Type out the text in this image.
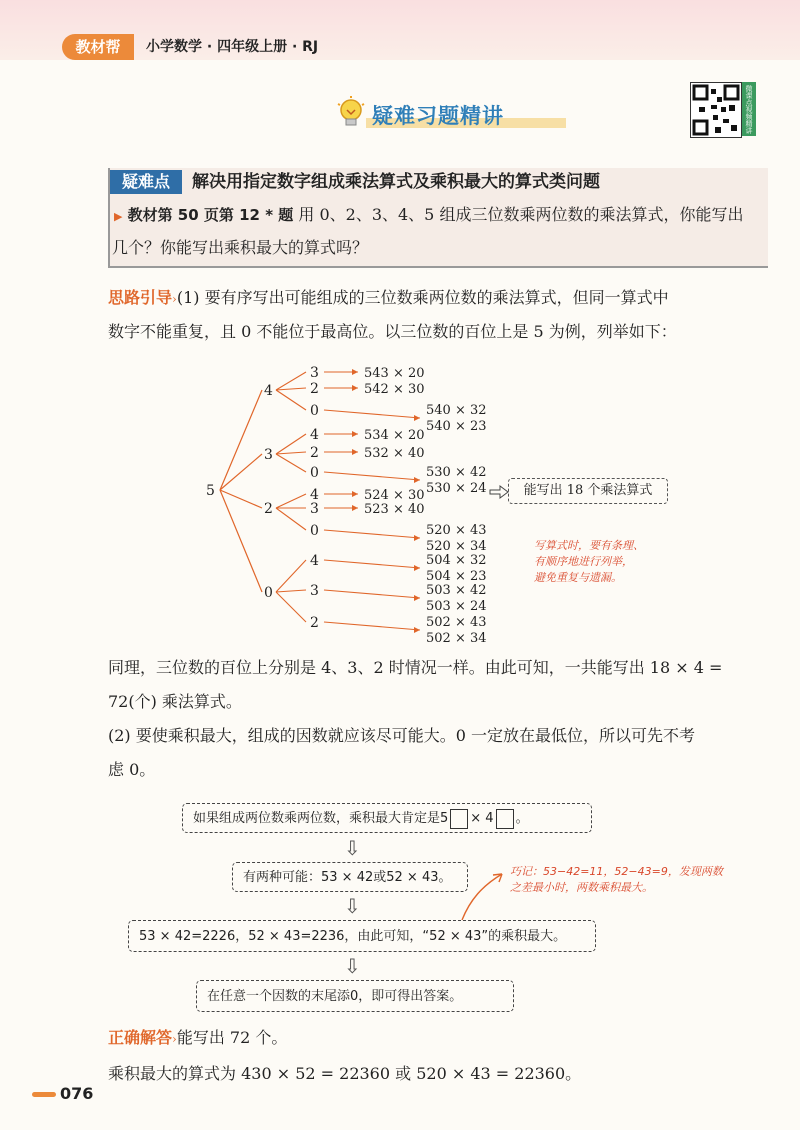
教材帮	小学数学 · 四年级上册 · RJ
疑难习题精讲	微课点视频精讲
疑难点	解决用指定数字组成乘法算式及乘积最大的算式类问题
▶ 教材第 50 页第 12 * 题 用 0、2、3、4、5 组成三位数乘两位数的乘法算式，你能写出
几个？你能写出乘积最大的算式吗？
思路引导›(1) 要有序写出可能组成的三位数乘两位数的乘法算式，但同一算式中
数字不能重复，且 0 不能位于最高位。以三位数的百位上是 5 为例，列举如下：
5
4
3	543 × 20
2	542 × 30
0	540 × 32
540 × 23
3
4	534 × 20
2	532 × 40
0	530 × 42
530 × 24
2
4	524 × 30
3	523 × 40
0	520 × 43
520 × 34
0
4	504 × 32
504 × 23
3	503 × 42
503 × 24
2	502 × 43
502 × 34
能写出 18 个乘法算式
写算式时，要有条理、
有顺序地进行列举，
避免重复与遗漏。
同理，三位数的百位上分别是 4、3、2 时情况一样。由此可知，一共能写出 18 × 4 =
72(个) 乘法算式。
(2) 要使乘积最大，组成的因数就应该尽可能大。0 一定放在最低位，所以可先不考
虑 0。
如果组成两位数乘两位数，乘积最大肯定是5 × 4 。
⇩
有两种可能：53 × 42或52 × 43。
⇩
53 × 42=2226，52 × 43=2236，由此可知，“52 × 43”的乘积最大。
⇩
在任意一个因数的末尾添0，即可得出答案。
巧记：53−42=11，52−43=9，发现两数
之差最小时，两数乘积最大。
正确解答›能写出 72 个。
乘积最大的算式为 430 × 52 = 22360 或 520 × 43 = 22360。
076
